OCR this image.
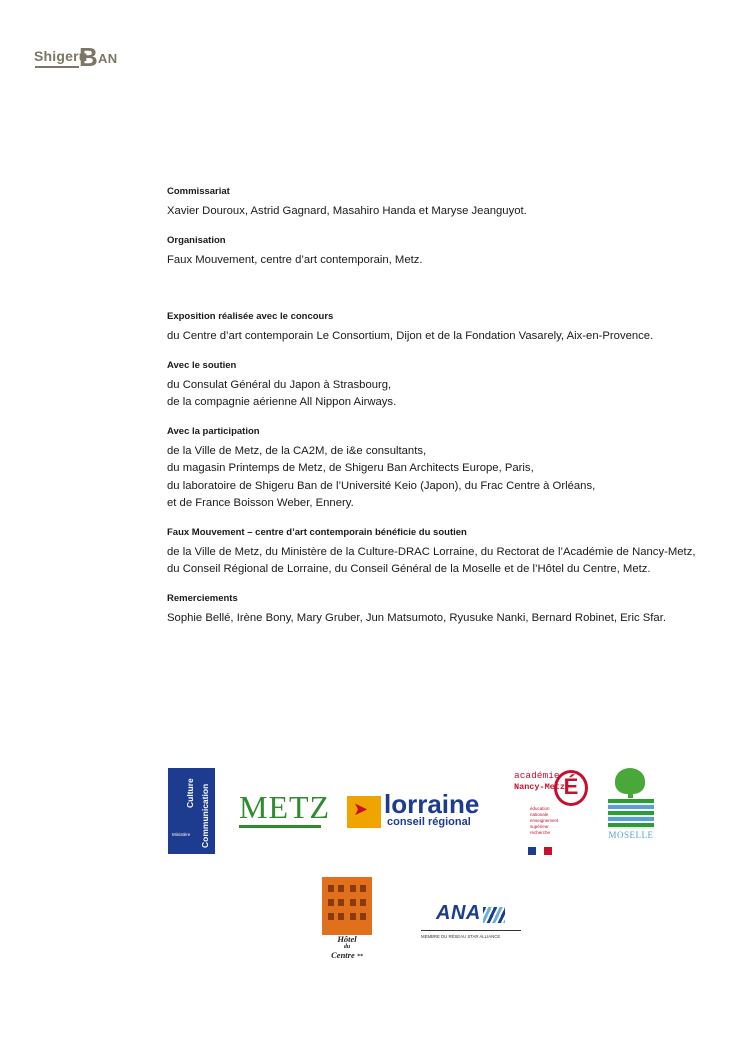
Shigeru
B AN

Commissariat

Xavier Douroux, Astrid Gagnard, Masahiro Handa et Maryse Jeanguyot.

Organisation

Faux Mouvement, centre d’art contemporain, Metz.

Exposition réalisée avec le concours

du Centre d’art contemporain Le Consortium, Dijon et de la Fondation Vasarely, Aix-en-Provence.

Avec le soutien

du Consulat Général du Japon à Strasbourg,

de la compagnie aérienne All Nippon Airways.

Avec la participation

de la Ville de Metz, de la CA2M, de i&e consultants,

du magasin Printemps de Metz, de Shigeru Ban Architects Europe, Paris,

du laboratoire de Shigeru Ban de l’Université Keio (Japon), du Frac Centre à Orléans,

et de France Boisson Weber, Ennery.

Faux Mouvement – centre d’art contemporain bénéficie du soutien

de la Ville de Metz, du Ministère de la Culture-DRAC Lorraine, du Rectorat de l’Académie de Nancy-Metz,

du Conseil Régional de Lorraine, du Conseil Général de la Moselle et de l’Hôtel du Centre, Metz.

Remerciements

Sophie Bellé, Irène Bony, Mary Gruber, Jun Matsumoto, Ryusuke Nanki, Bernard Robinet, Eric Sfar.

Culture Communication
Ministère
METZ ➤ lorraine
conseil régional
académie
Nancy-Metz
É
éducation
nationale
enseignement
supérieur
recherche	MOSELLE
Hôtel
du
Centre **
ANA
MEMBRE DU RÉSEAU STAR ALLIANCE
